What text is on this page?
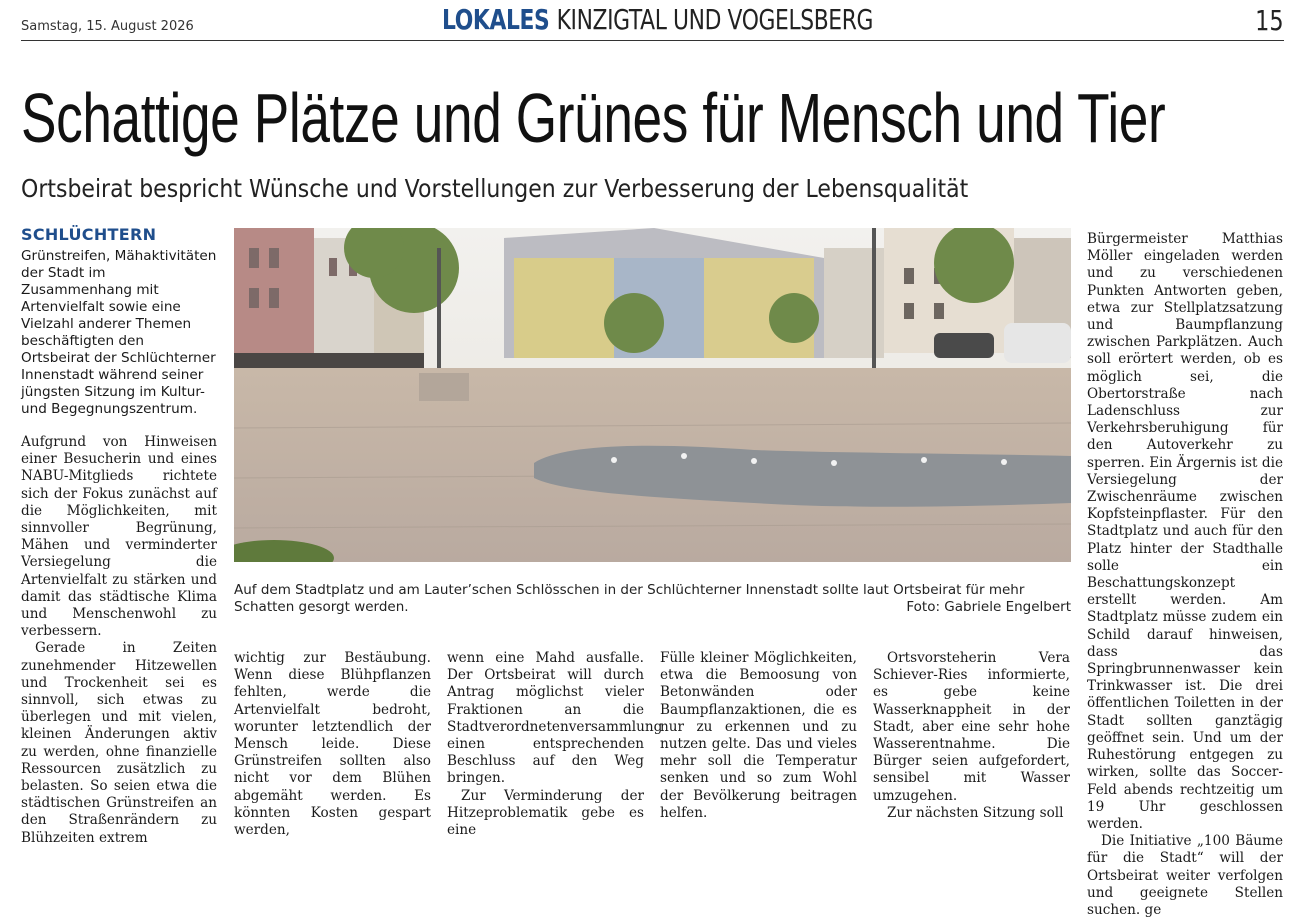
Samstag, 15. August 2026	LOKALES KINZIGTAL UND VOGELSBERG	15
Schattige Plätze und Grünes für Mensch und Tier
Ortsbeirat bespricht Wünsche und Vorstellungen zur Verbesserung der Lebensqualität
SCHLÜCHTERN

Grünstreifen, Mähaktivitäten der Stadt im Zusammenhang mit Artenvielfalt sowie eine Vielzahl anderer Themen beschäftigten den Ortsbeirat der Schlüchterner Innenstadt während seiner jüngsten Sitzung im Kultur- und Begegnungszentrum.

Aufgrund von Hinweisen einer Besucherin und eines NABU-Mitglieds richtete sich der Fokus zunächst auf die Möglichkeiten, mit sinnvoller Begrünung, Mähen und verminderter Versiegelung die Artenvielfalt zu stärken und damit das städtische Klima und Menschenwohl zu verbessern.

Gerade in Zeiten zunehmender Hitzewellen und Trockenheit sei es sinnvoll, sich etwas zu überlegen und mit vielen, kleinen Änderungen aktiv zu werden, ohne finanzielle Ressourcen zusätzlich zu belasten. So seien etwa die städtischen Grünstreifen an den Straßenrändern zu Blühzeiten extrem

Auf dem Stadtplatz und am Lauter’schen Schlösschen in der Schlüchterner Innenstadt sollte laut Ortsbeirat für mehr Schatten gesorgt werden.	Foto: Gabriele Engelbert

wichtig zur Bestäubung. Wenn diese Blühpflanzen fehlten, werde die Artenvielfalt bedroht, worunter letztendlich der Mensch leide. Diese Grünstreifen sollten also nicht vor dem Blühen abgemäht werden. Es könnten Kosten gespart werden,

wenn eine Mahd ausfalle. Der Ortsbeirat will durch Antrag möglichst vieler Fraktionen an die Stadtverordnetenversammlung einen entsprechenden Beschluss auf den Weg bringen.

Zur Verminderung der Hitzeproblematik gebe es eine

Fülle kleiner Möglichkeiten, etwa die Bemoosung von Betonwänden oder Baumpflanzaktionen, die es nur zu erkennen und zu nutzen gelte. Das und vieles mehr soll die Temperatur senken und so zum Wohl der Bevölkerung beitragen helfen.

Ortsvorsteherin Vera Schiever-Ries informierte, es gebe keine Wasserknappheit in der Stadt, aber eine sehr hohe Wasserentnahme. Die Bürger seien aufgefordert, sensibel mit Wasser umzugehen.

Zur nächsten Sitzung soll

Bürgermeister Matthias Möller eingeladen werden und zu verschiedenen Punkten Antworten geben, etwa zur Stellplatzsatzung und Baumpflanzung zwischen Parkplätzen. Auch soll erörtert werden, ob es möglich sei, die Obertorstraße nach Ladenschluss zur Verkehrsberuhigung für den Autoverkehr zu sperren. Ein Ärgernis ist die Versiegelung der Zwischenräume zwischen Kopfsteinpflaster. Für den Stadtplatz und auch für den Platz hinter der Stadthalle solle ein Beschattungskonzept erstellt werden. Am Stadtplatz müsse zudem ein Schild darauf hinweisen, dass das Springbrunnenwasser kein Trinkwasser ist. Die drei öffentlichen Toiletten in der Stadt sollten ganztägig geöffnet sein. Und um der Ruhestörung entgegen zu wirken, sollte das Soccer-Feld abends rechtzeitig um 19 Uhr geschlossen werden.

Die Initiative „100 Bäume für die Stadt“ will der Ortsbeirat weiter verfolgen und geeignete Stellen suchen. ge
